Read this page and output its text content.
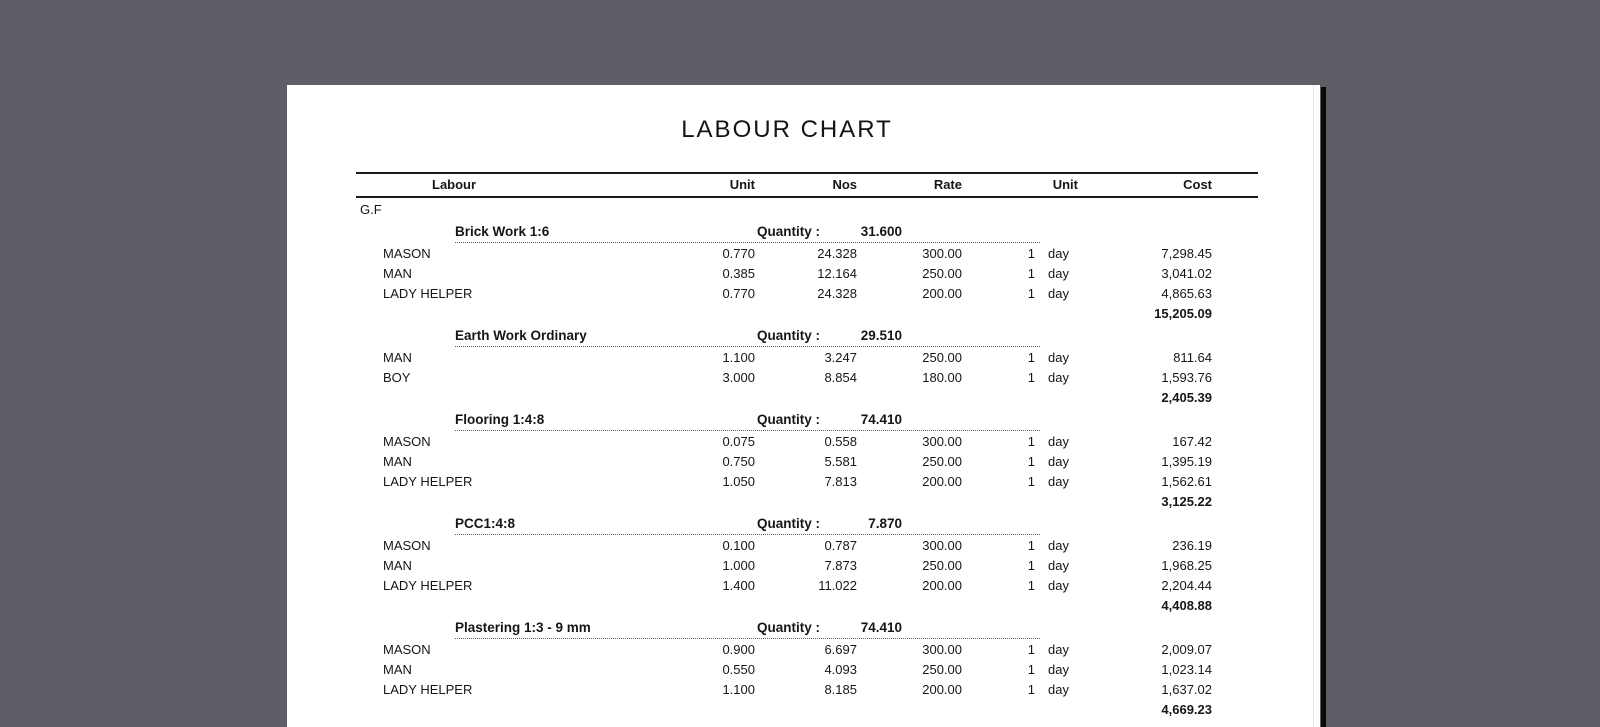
LABOUR CHART
Labour	Unit	Nos	Rate	Unit	Cost
G.F
Brick Work 1:6	Quantity :	31.600
MASON	0.770	24.328	300.00	1	day	7,298.45
MAN	0.385	12.164	250.00	1	day	3,041.02
LADY HELPER	0.770	24.328	200.00	1	day	4,865.63
15,205.09
Earth Work Ordinary	Quantity :	29.510
MAN	1.100	3.247	250.00	1	day	811.64
BOY	3.000	8.854	180.00	1	day	1,593.76
2,405.39
Flooring 1:4:8	Quantity :	74.410
MASON	0.075	0.558	300.00	1	day	167.42
MAN	0.750	5.581	250.00	1	day	1,395.19
LADY HELPER	1.050	7.813	200.00	1	day	1,562.61
3,125.22
PCC1:4:8	Quantity :	7.870
MASON	0.100	0.787	300.00	1	day	236.19
MAN	1.000	7.873	250.00	1	day	1,968.25
LADY HELPER	1.400	11.022	200.00	1	day	2,204.44
4,408.88
Plastering 1:3 - 9 mm	Quantity :	74.410
MASON	0.900	6.697	300.00	1	day	2,009.07
MAN	0.550	4.093	250.00	1	day	1,023.14
LADY HELPER	1.100	8.185	200.00	1	day	1,637.02
4,669.23
